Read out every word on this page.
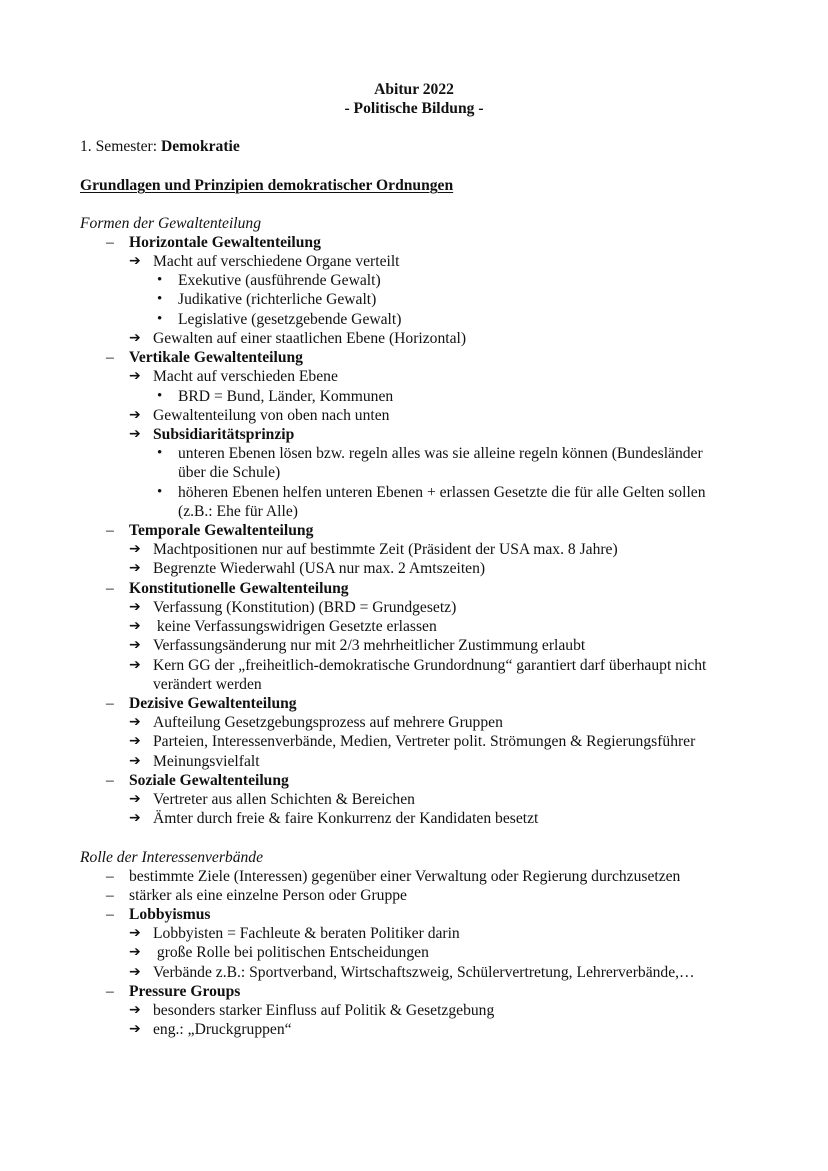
Abitur 2022
- Politische Bildung -
1. Semester: Demokratie
Grundlagen und Prinzipien demokratischer Ordnungen
Formen der Gewaltenteilung
– Horizontale Gewaltenteilung
➔ Macht auf verschiedene Organe verteilt
• Exekutive (ausführende Gewalt)
• Judikative (richterliche Gewalt)
• Legislative (gesetzgebende Gewalt)
➔ Gewalten auf einer staatlichen Ebene (Horizontal)
– Vertikale Gewaltenteilung
➔ Macht auf verschieden Ebene
• BRD = Bund, Länder, Kommunen
➔ Gewaltenteilung von oben nach unten
➔ Subsidiaritätsprinzip
• unteren Ebenen lösen bzw. regeln alles was sie alleine regeln können (Bundesländer
über die Schule)
• höheren Ebenen helfen unteren Ebenen + erlassen Gesetzte die für alle Gelten sollen
(z.B.: Ehe für Alle)
– Temporale Gewaltenteilung
➔ Machtpositionen nur auf bestimmte Zeit (Präsident der USA max. 8 Jahre)
➔ Begrenzte Wiederwahl (USA nur max. 2 Amtszeiten)
– Konstitutionelle Gewaltenteilung
➔ Verfassung (Konstitution) (BRD = Grundgesetz)
➔ keine Verfassungswidrigen Gesetzte erlassen
➔ Verfassungsänderung nur mit 2/3 mehrheitlicher Zustimmung erlaubt
➔ Kern GG der „freiheitlich-demokratische Grundordnung“ garantiert darf überhaupt nicht
verändert werden
– Dezisive Gewaltenteilung
➔ Aufteilung Gesetzgebungsprozess auf mehrere Gruppen
➔ Parteien, Interessenverbände, Medien, Vertreter polit. Strömungen & Regierungsführer
➔ Meinungsvielfalt
– Soziale Gewaltenteilung
➔ Vertreter aus allen Schichten & Bereichen
➔ Ämter durch freie & faire Konkurrenz der Kandidaten besetzt
Rolle der Interessenverbände
– bestimmte Ziele (Interessen) gegenüber einer Verwaltung oder Regierung durchzusetzen
– stärker als eine einzelne Person oder Gruppe
– Lobbyismus
➔ Lobbyisten = Fachleute & beraten Politiker darin
➔ große Rolle bei politischen Entscheidungen
➔ Verbände z.B.: Sportverband, Wirtschaftszweig, Schülervertretung, Lehrerverbände,…
– Pressure Groups
➔ besonders starker Einfluss auf Politik & Gesetzgebung
➔ eng.: „Druckgruppen“
